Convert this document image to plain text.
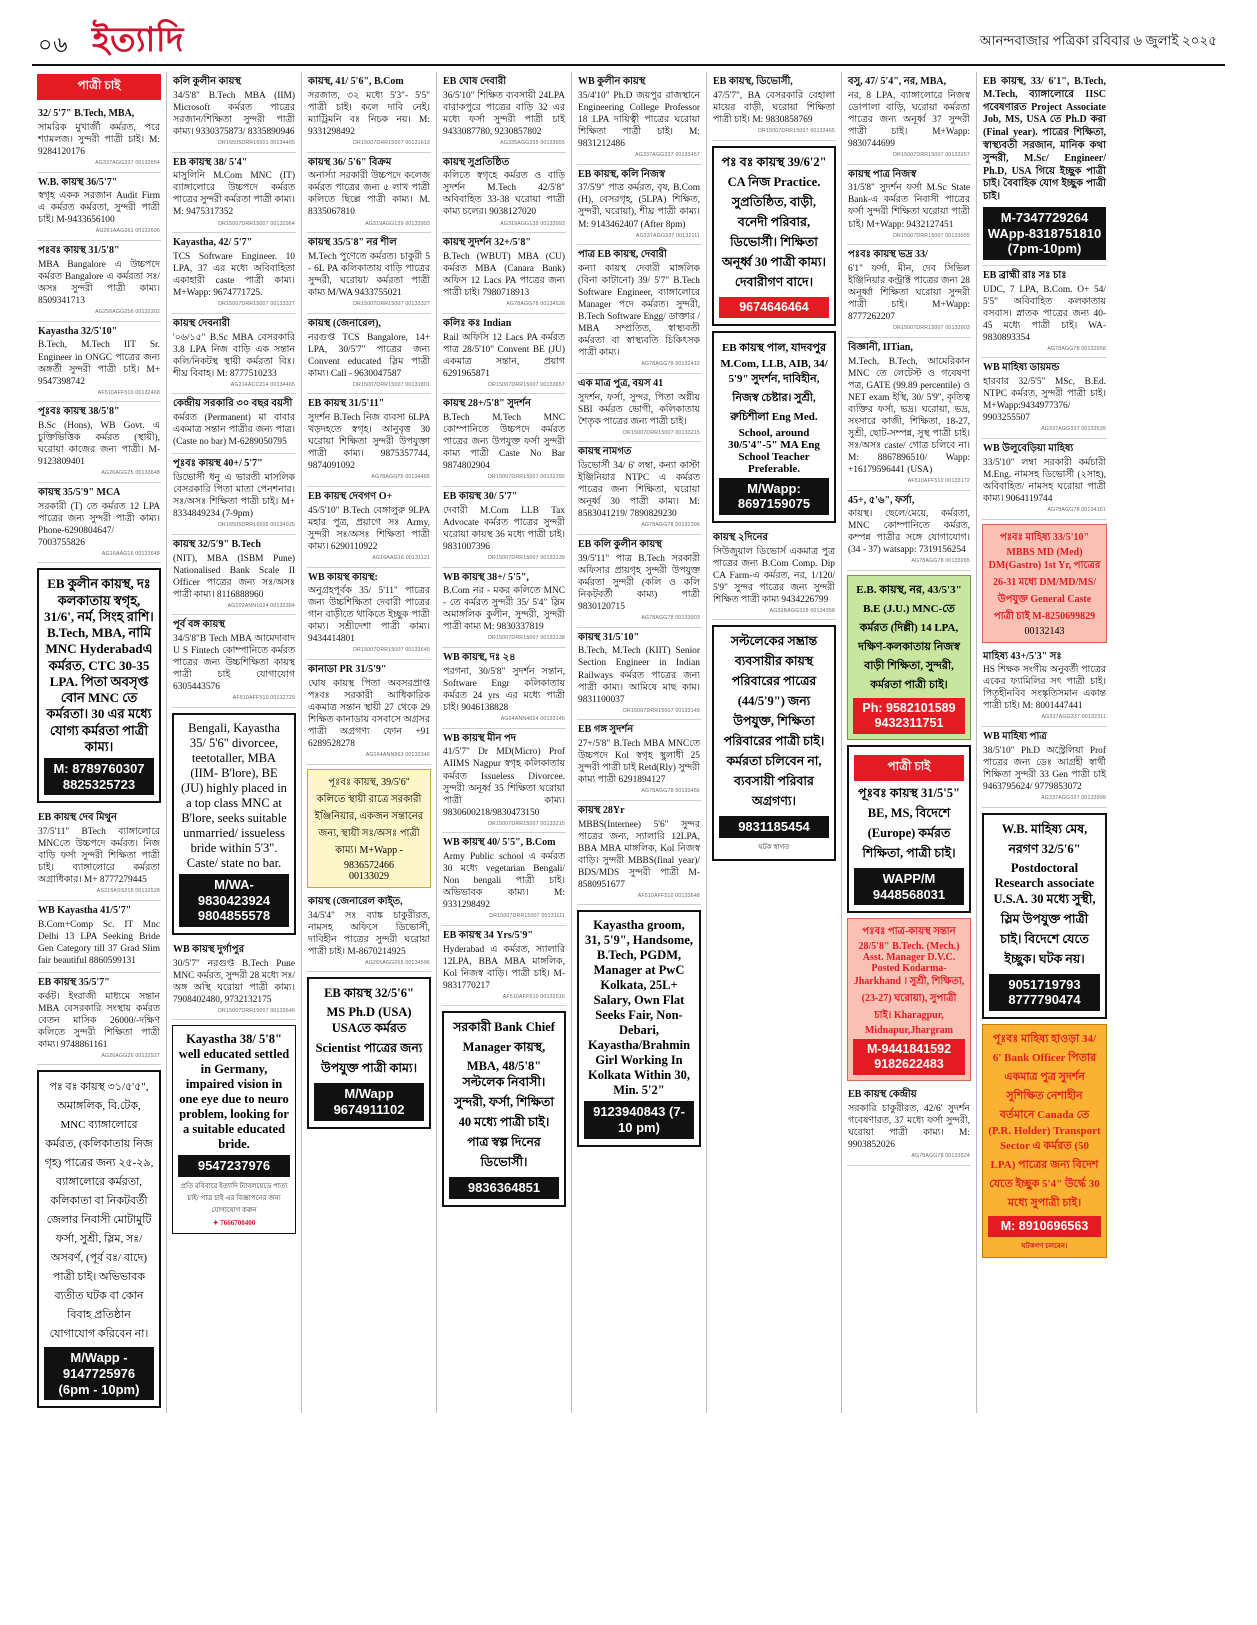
০৬ ইত্যাদি	আনন্দবাজার পত্রিকা রবিবার ৬ জুলাই ২০২৫
পাত্রী চাই
32/ 5'7" B.Tech, MBA,
সামরিক মুখার্জী কর্মরত, পরে শ্যামলজ। সুন্দরী পাত্রী চাই। M: 9284120176
AG337AGG337 00132654
W.B. কায়স্থ 36/5'7"
স্বগৃহ একক সরজান Audit Firm এ কর্মরত কর্মরতা, সুন্দরী পাত্রী চাই। M-9433656100
AG261AAG261 00132696
পঃবঃ কায়স্থ 31/5'8"
MBA Bangalore এ উচ্চপদে কর্মরত Bangalore এ কর্মরতা সঃ/অসঃ সুন্দরী পাত্রী কাম্য। 8509341713
AG256AGG256 00132302
Kayastha 32/5'10"
B.Tech, M.Tech IIT Sr. Engineer in ONGC পাত্রের জন্য অঙ্গর্তী সুন্দরী পাত্রী চাই। M+ 9547398742
AF510AFF510 00132468
পূঃবঃ কায়স্থ 38/5'8"
B.Sc (Hons), WB Govt. এ চুক্তিভিত্তিক কর্মরত (স্থায়ী), ঘরোয়া কাজের জন্য পাত্রী। M- 9123809401
AG26AGG25 00133648
কায়স্থ 35/5'9" MCA
সরকারী (T) তে কর্মরত 12 LPA পাত্রের জন্য সুন্দরী পাত্রী কাম্য। Phone-6290804647/ 7003755826
AG16AAG16 00133648
EB কুলীন কায়স্থ, দঃ কলকাতায় স্বগৃহ, 31/6', নর্ম, সিংহ রাশি। B.Tech, MBA, নামি MNC Hyderabadএ কর্মরত, CTC 30-35 LPA. পিতা অবসৃপ্ত বোন MNC তে কর্মরতা। 30 এর মধ্যে যোগ্য কর্মরতা পাত্রী কাম্য।
M: 8789760307 8825325723
EB কায়স্থ দেব মিথুন
37/5'11" BTech ব্যাঙ্গালোরে MNCতে উচ্চপদে কর্মরত। নিজ বাড়ি ফর্সা সুন্দরী শিক্ষিতা পাত্রী চাই। ব্যাঙ্গালোরে কর্মরতা অগ্রাধিকার। M+ 8777279445
AS215ASS215 00132528
WB Kayastha 41/5'7"
B.Com+Comp Sc. IT Mnc Delhi 13 LPA Seeking Bride Gen Category till 37 Grad Slim fair beautiful 8860599131
EB কায়স্থ 35/5'7"
কর্কট। ইংরাজী মাধ্যমে সন্তান MBA বেসরকারি সংস্থায় কর্মরত বেতন মাসিক 26000/-দক্ষিণ কলিতে সুন্দরী শিক্ষিতা পাত্রী কাম্য। 9748861161
AG26AGG26 00132527
পঃ বঃ কায়স্থ ৩১/৫'৫", অমাঙ্গলিক, বি.টেক, MNC ব্যাঙ্গালোরে কর্মরত, (কলিকাতায় নিজ গৃহ) পাত্রের জন্য ২৫-২৯, ব্যাঙ্গালোরে কর্মরতা, কলিকাতা বা নিকটবর্তী জেলার নিবাসী মোটামুটি ফর্সা, সুশ্রী, স্লিম, সঃ/অসবর্ণ, (পূর্ব বঃ/ বাদে) পাত্রী চাই। অভিভাবক ব্যতীত ঘটক বা কোন বিবাহ প্রতিষ্ঠান যোগাযোগ করিবেন না।
M/Wapp - 9147725976 (6pm - 10pm)
কলি কুলীন কায়স্থ
34/5'8" B.Tech MBA (IIM) Microsoft কর্মরত পাত্রের সরজান/শিক্ষিতা সুন্দরী পাত্রী কাম্য। 9330375873/ 8335890946
DR16505DRR16501 00134465
EB কায়স্থ 38/ 5'4"
মাসুলিনি M.Com MNC (IT) ব্যাঙ্গালোরে উচ্চপদে কর্মরত পাত্রের সুন্দরী কর্মরতা পাত্রী কাম্য। M: 9475317352
DR15007DRR15007 00132964
Kayastha, 42/ 5'7"
TCS Software Engineer. 10 LPA, 37 এর মধ্যে অবিবাহিতা একাহারী caste পাত্রী কাম্য। M+Wapp: 9674771725.
DR15007DRR15007 00133327
কায়স্থ দেবনারী
'০৬/১৫" B.Sc MBA বেসরকারি 3.8 LPA নিজ বাড়ি এক সন্তান কলি/নিকটস্থ স্থায়ী কর্মরতা বিঃ। শীঘ্র বিবাহ। M: 8777510233
AG214ACC214 00134465
কেন্দ্রীয় সরকারি ৩০ বছর বয়সী
কর্মরত (Permanent) মা বাবার একমাত্র সন্তান পাত্রীর জন্য পাত্র। (Caste no bar) M-6289050795
পূঃবঃ কায়স্থ 40+/ 5'7"
ডিভোর্সী ধনু এ ভারতী মাসলিক বেসরকারি পিতা মাতা পেনশনার। সঃ/অসঃ শিক্ষিতা পাত্রী চাই। M+ 8334849234 (7-9pm)
DR16505DRR16505 00134025
কায়স্থ 32/5'9" B.Tech
(NIT), MBA (ISBM Pune) Nationalised Bank Scale II Officer পাত্রের জন্য সঃ/অসঃ পাত্রী কাম্য। 8116888960
AG102ANN1024 00132384
পূর্ব বঙ্গ কায়স্থ
34/5'8"B Tech MBA আমেদাবাদ U S Fintech কোম্পানিতে কর্মরত পাত্রের জন্য উচ্চশিক্ষিতা কায়স্থ পাত্রী চাই যোগাযোগ 6305443576
AF510AFF510 00132729
Bengali, Kayastha 35/ 5'6" divorcee, teetotaller, MBA (IIM- B'lore), BE (JU) highly placed in a top class MNC at B'lore, seeks suitable unmarried/ issueless bride within 5'3". Caste/ state no bar.
M/WA- 9830423924 9804855578
WB কায়স্থ দুর্গাপুর
30/5'7" নরগুপ্ত B.Tech Pune MNC কর্মরত, সুন্দরী 28 মধ্যে সঃ/অঙ্গ অস্থি ঘরোয়া পাত্রী কাম্য। 7908402480, 9732132175
DR15007DRR15007 00133646
Kayastha 38/ 5'8" well educated settled in Germany, impaired vision in one eye due to neuro problem, looking for a suitable educated bride.
9547237976
প্রতি রবিবারে ইত্যাদি ট্যাবলয়েডে পাতা চাই/ পাত্র চাই এর বিজ্ঞাপনের জন্য যোগাযোগ করুন
✦ 7666700400
কায়স্থ, 41/ 5'6", B.Com
সরজাত, ৩২ মধ্যে 5'3"- 5'5" পাত্রী চাই। কলে দাবি নেই। ম্যাট্রিমনি বঃ নিচক নয়। M: 9331298492
DR15007DRR15007 00131613
কায়স্থ 36/ 5'6" বিক্রম
অনার্স্যা সরকারী উচ্চপদে কলেজ কর্মরত পাত্রের জন্য ৫ লাখ পাত্রী কলিতে ছিল্লে পাত্রী কাম্য। M. 8335067810
AG319AGG139 00133993
কায়স্থ 35/5'8" নর শীল
M.Tech পুণেতে কর্মরত। চাকুরী 5 - 6L PA কলিকাতায় বাড়ি পাত্রের সুন্দরী, ঘরোয়া/ কর্মরতা পাত্রী কাম্য M/WA 9433755021
DR15007DRR15007 00133327
কায়স্থ (জেনারেল),
নরগুপ্ত TCS Bangalore, 14+ LPA, 30/5'7" পাত্রের জন্য Convent educated স্লিম পাত্রী কাম্য। Call - 9630047587
DR15007DRR15007 00131801
EB কায়স্থ 31/5'11"
সুদর্শন B.Tech নিজ ব্যবসা 6LPA খড়দহতে স্বগৃহ। আনুবৃত্ত 30 ঘরোয়া শিক্ষিতা সুন্দরী উপযুক্তা পাত্রী কাম্য। 9875357744, 9874091092
AG78AGG75 00134465
EB কায়স্থ দেবগণ O+
45/5'10" B.Tech বেঙ্গালুরু 9LPA মহার পুত্র, প্রয়াগে সঃ Army, সুন্দরী সঃ/অসঃ শিক্ষিতা পাত্রী কাম্য। 6290110922
AG16AAG16 00131121
WB কায়স্থ কায়স্থ:
অনুগ্রহপূর্বক 35/ 5'11" পাত্রের জন্য উচ্চশিক্ষিতা দেবারী পাত্রের গান বাড়ীতে থাকিতে ইচ্ছুক পাত্রী কাম্য। সশ্রীদেশা পাত্রী কাম্য। 9434414801
DR15007DRR15007 00133645
কানাডা PR 31/5'9"
ঘোষ কায়স্থ পিতা অবসরপ্রাপ্ত পঃবঃ সরকারী আধিকারিক একমাত্র সন্তান স্থায়ী 27 থেকে 29 শিক্ষিত কানাডায় বসবাসে অগ্রসর পাত্রী অগ্রগণ্য ফোন +91 6289528278
AG164ANN963 00132346
পূঃবঃ কায়স্থ, 39/5'6" কলিতে স্থায়ী রাত্রে সরকারী ইঞ্জিনিয়ার, একজন সন্তানের জন্য, স্থায়ী সঃ/অসঃ পাত্রী কাম্য। M+Wapp - 9836572466
00133029
কায়স্থ (জেনারেল কাই্ত,
34/5'4" সঃ ব্যাঙ্ক চাকুরীরত, নামসহ অফিসে ডিভোর্সী, দাবিহীন পাত্রের সুন্দরী ঘরোয়া পাত্রী চাই। M-8670214925
AG265AGG265 00134596
EB কায়স্থ 32/5'6" MS Ph.D (USA) USAতে কর্মরত Scientist পাত্রের জন্য উপযুক্ত পাত্রী কাম্য।
M/Wapp 9674911102
EB ঘোষ দেবারী
36/5'10" শিক্ষিত ব্যবসায়ী 24LPA বারাকপুরে পাত্রের বাড়ি 32 এর মধ্যে ফর্সা সুন্দরী পাত্রী চাই 9433087780, 9230857802
AG335AGG335 00133655
কায়স্থ সুপ্রতিষ্ঠিত
কলিতে স্বগৃহে কর্মরত ও বাড়ি সুদর্শন M.Tech 42/5'8" অবিবাহিত 33-38 ঘরোয়া পাত্রী কাম্য চলের। 9038127020
AG319AGG139 00133993
কায়স্থ সুদর্শন 32+/5'8"
B.Tech (WBUT) MBA (CU) কর্মরত MBA (Canara Bank) অফিস 12 Lacs PA পাত্রের জন্য পাত্রী চাই। 7980718913
AG78AGG78 00134526
কলিঃ কঃ Indian
Rail অফিসি 12 Lacs PA কর্মরত পাত্র 28/5'10" Convent BE (JU) একমাত্র সন্তান, প্রয়াগ 6291965871
DR15007DRR15007 00133657
কায়স্থ 28+/5'8" সুদর্শন
B.Tech M.Tech MNC কোম্পানিতে উচ্চপদে কর্মরত পাত্রের জন্য উপযুক্ত ফর্সা সুন্দরী কাম্য পাত্রী Caste No Bar 9874802904
DR15007DRR15007 00132392
EB কায়স্থ 30/ 5'7"
দেবারী M.Com LLB Tax Advocate কর্মরত পাত্রের সুন্দরী ঘরোয়া কায়স্থ 36 মধ্যে পাত্রী চাই। 9831007396
DR15007DRR15007 00133139
WB কায়স্থ 38+/ 5'5",
B.Com নর - মকর কলিতে MNC - তে কর্মরত সুন্দরী 35/ 5'4" স্লিম অমাঙ্গলিক কুলীন, সুন্দরী, সুন্দরী পাত্রী কাম্য M: 9830337819
DR15007DRR15007 00133138
WB কায়স্থ, দঃ ২৪
পরগনা, 30/5'8" সুদর্শন সন্তান, Software Engr কলিকাতায় কর্মরত 24 yrs এর মধ্যে পাত্রী চাই। 9046138828
AG04ANN4024 00133145
WB কায়স্থ মীন পদ
41/5'7" Dr MD(Micro) Prof AIIMS Nagpur স্বগৃহ কলিকাতায় কর্মরত Issueless Divorcee. সুন্দরী অনূর্ধ্ব 35 শিক্ষিতা ঘরোয়া পাত্রী কাম্য। 9830600218/9830473150
DR15007DRR15007 00133215
WB কায়স্থ 40/ 5'5", B.Com
Army Public school এ কর্মরত 30 মধ্যে vegetarian Bengali/ Non bengali পাত্রী চাই। অভিভাবক কাম্য। M: 9331298492
DR15007DRR15007 00131111
EB কায়স্থ 34 Yrs/5'9"
Hyderabad এ কর্মরত, স্যালারি 12LPA, BBA MBA মাঙ্গলিক, Kol নিজস্ব বাড়ি। পাত্রী চাই। M- 9831770217
AF510AFF510 00132516
সরকারী Bank Chief Manager কায়স্থ, MBA, 48/5'8" সল্টলেক নিবাসী। সুন্দরী, ফর্সা, শিক্ষিতা 40 মধ্যে পাত্রী চাই। পাত্র স্বল্প দিনের ডিভোর্সী।
9836364851
WB কুলীন কায়স্থ
35/4'10" Ph.D জয়পুর রাজস্থানে Engineering College Professor 18 LPA দায়িত্বী পাত্রের ঘরোয়া শিক্ষিতা পাত্রী চাই। M: 9831212486
AG337AGG337 00133457
EB কায়স্থ, কলি নিজস্ব
37/5'9" পাত্র কর্মরত, বৃষ, B.Com (H), বেসরগৃহ, (5LPA) শিক্ষিত, সুন্দরী, ঘরোয়া), শীঘ্র পাত্রী কাম্য। M: 9143462407 (After 8pm)
AG337AGG337 00132111
পাত্র EB কায়স্থ, দেবারী
কন্যা কায়স্থ দেবারী মাঙ্গলিক (বিনা কাটানো) 39/ 5'7" B.Tech Software Engineer, ব্যাঙ্গালোরে Manager পদে কর্মরত। সুন্দরী, B.Tech Software Engg/ ডাক্তার / MBA সম্প্রতিত, স্বাস্থ্যবতী কর্মরতা বা স্বাস্থ্যবতি চিকিৎসক পাত্রী কাম্য।
AG78AGG78 00132412
এক মাত্র পুত্র, বয়স 41
সুদর্শন, ফর্সা, সুন্দর, পিতা অগ্নীয় SBI কর্মরত ভোগী, কলিকাতায় শৈতৃক পাত্রের জন্য পাত্রী চাই।
DR15007DRR15007 00133215
কায়স্থ নামগত
ডিভোর্সী 34/ 6' লম্বা, কন্যা কাস্টা ইঞ্জিনিয়ার NTPC এ কর্মরত পাত্রের জন্য শিক্ষিতা, ঘরোয়া অনূর্ধ্ব 30 পাত্রী কাম্য। M: 8583041219/ 7890829230
AG78AGG78 00132396
EB কলি কুলীন কায়স্থ
39/5'11" পাত্র B.Tech সরকারী অফিসার প্রায়গৃহ সুন্দরী উপযুক্ত কর্মরতা সুন্দরী (কলি ও কলি নিকটবর্তী কাম্য) পাত্রী 9830120715
AG78AGG78 00133903
কায়স্থ 31/5'10"
B.Tech, M.Tech (KIIT) Senior Section Engineer in Indian Railways কর্মরত পাত্রের জন্য পাত্রী কাম্য। আমিষে মাছ কাম। 9831100037
DR15007DRR15007 00133149
EB গঙ্গ সুদর্শন
27+/5'8" B.Tech MBA MNCতে উচ্চপদে Kol স্বগৃহ স্থুলাধী 25 সুন্দরী পাত্রী চাই Retd(Rly) সুন্দরী কাম্য পাত্রী 6291894127
AG78AGG78 00133456
কায়স্থ 28Yr
MBBS(Internee) 5'6" সুন্দর পাত্রের জন্য, স্যালারি 12LPA, BBA MBA মাঙ্গলিক, Kol নিজস্ব বাড়ি। সুন্দরী MBBS(final year)/ BDS/MDS সুন্দরী পাত্রী M-8580951677
AF510AFF510 00133648
Kayastha groom, 31, 5'9", Handsome, B.Tech, PGDM, Manager at PwC Kolkata, 25L+ Salary, Own Flat Seeks Fair, Non-Debari, Kayastha/Brahmin Girl Working In Kolkata Within 30, Min. 5'2"
9123940843 (7-10 pm)
EB কায়স্থ, ডিভোর্সী,
47/5'7", BA বেসরকারি বেহালা মায়ের বাড়ী, ঘরোয়া শিক্ষিতা পাত্রী চাই। M: 9830858769
DR15007DRR15007 00133465
পঃ বঃ কায়স্থ 39/6'2" CA নিজ Practice. সুপ্রতিষ্ঠিত, বাড়ী, বনেদী পরিবার, ডিভোর্সী। শিক্ষিতা অনূর্ধ্ব 30 পাত্রী কাম্য। দেবারীগণ বাদে।
9674646464
EB কায়স্থ পাল, যাদবপুর M.Com, LLB, AIB, 34/ 5'9" সুদর্শন, দাবিহীন, নিজস্ব চেষ্টার। সুশ্রী, রুচিশীলা Eng Med. School, around 30/5'4"-5" MA Eng School Teacher Preferable.
M/Wapp: 8697159075
কায়স্থ ২দিনের
সিউজুয়াল ডিভোর্স একমাত্র পুত্র পাত্রের জন্য B.Com Comp. Dip CA Farm-এ কর্মরত, নর, 1/120/ 5'9" সুন্দর পাত্রের জন্য সুন্দরী শিক্ষিত পাত্রী কাম্য 9434226799
AG32BAGG328 00134358
সল্টলেকের সম্ভ্রান্ত ব্যবসায়ীর কায়স্থ পরিবারের পাত্রের (44/5'9") জন্য উপযুক্ত, শিক্ষিতা পরিবারের পাত্রী চাই। কর্মরতা চলিবেন না, ব্যবসায়ী পরিবার অগ্রগণ্য।
9831185454
ঘটক স্বাগত
বসু, 47/ 5'4", নর, MBA,
নর, 8 LPA, ব্যাঙ্গালোরে নিজস্ব ডোপালা বাড়ি, ঘরোয়া কর্মরতা পাত্রের জন্য অনূর্ধ্ব 37 সুন্দরী পাত্রী চাই। M+Wapp: 9830744699
DR15007DRR15007 00133257
কায়স্থ পাত্র নিজস্ব
31/5'8" সুদর্শন ফর্সা M.Sc State Bank-এ কর্মরত নিবাসী পাত্রের ফর্সা সুন্দরী শিক্ষিতা ঘরোয়া পাত্রী চাই। M+Wapp: 9432127451
DR15007DRR15007 00133655
পঃবঃ কায়স্থ ভদ্র 33/
6'1" ফর্সা, মীন, দেব সিভিল ইঞ্জিনিয়ার কন্ট্রাক্ট পাত্রের জন্য 28 অনূর্ধ্বা শিক্ষিতা ঘরোয়া সুন্দরী পাত্রী চাই। M+Wapp: 8777262207
DR15007DRR15007 00133903
বিজ্ঞানী, IITian,
M.Tech, B.Tech, আমেরিকান MNC তে লেটেস্ট ও গবেষণা পত্র, GATE (99.89 percentile) ও NET exam ইস্থি, 30/ 5'9", কৃতিত্ব ব্যক্তির ফর্সা, ভদ্র। ঘরোয়া, ভদ্র, সংসারে কাজী, শিক্ষিতা, 18-27, সুশ্রী, ছোট-সম্পন্ন, সুস্থ পাত্রী চাই। সঃ/অসঃ caste/ গোত্র চলিবে না। M: 8867896510/ Wapp: +16179596441 (USA)
AF510AFF510 00133172
45+, ৫'৬", ফর্সা,
কায়স্থ। ছেলে/মেয়ে, কর্মরতা, MNC কোম্পানিতে কর্মরত, কম্পন্ন পাত্রীর সঙ্গে যোগাযোগ। (34 - 37) watsapp: 7319156254
AG78AGG78 00133265
E.B. কায়স্থ, নর, 43/5'3" B.E (J.U.) MNC-তে কর্মরত (দিল্লী) 14 LPA, দক্ষিণ-কলকাতায় নিজস্ব বাড়ী শিক্ষিতা, সুন্দরী, কর্মরতা পাত্রী চাই।
Ph: 9582101589 9432311751
পাত্রী চাই
পূঃবঃ কায়স্থ 31/5'5" BE, MS, বিদেশে (Europe) কর্মরত শিক্ষিতা, পাত্রী চাই।
WAPP/M 9448568031
পঃবঃ পাত্র-কায়স্থ সন্তান 28/5'8" B.Tech. (Mech.) Asst. Manager D.V.C. Posted Kodarma-Jharkhand । সুশ্রী, শিক্ষিতা, (23-27) ঘরোয়া), সুপাত্রী চাই। Kharagpur, Midnapur,Jhargram
M-9441841592 9182622483
EB কায়স্থ কেন্দ্রীয়
সরকারি চাকুরীরত, 42/6' সুদর্শন গবেষণারত, 37 মধ্যে ফর্সা সুন্দরী, ঘরোয়া পাত্রী কাম্য। M: 9903852026
AG78AGG78 00133524
EB কায়স্থ, 33/ 6'1", B.Tech, M.Tech, ব্যাঙ্গালোরে IISC গবেষণারত Project Associate Job, MS, USA তে Ph.D করা (Final year). পাত্রের শিক্ষিতা, স্বাস্থ্যবতী সরজান, মানিক কথা সুন্দরী, M.Sc/ Engineer/ Ph.D, USA গিয়ে ইচ্ছুক পাত্রী চাই। বৈবাহিক যোগ ইচ্ছুক পাত্রী চাই।
M-7347729264 WApp-8318751810 (7pm-10pm)
EB ব্রাহ্মী রাঃ সঃ চাঃ
UDC, 7 LPA, B.Com. O+ 54/ 5'5" অবিবাহিত কলকাতায় বসবাস। স্নাতক পাত্রের জন্য 40-45 মধ্যে পাত্রী চাই। WA-9830893354
AG78AGG78 00132658
WB মাহিষ্য ডায়মন্ড
হারবার 32/5'5" MSc, B.Ed. NTPC কর্মরত, সুন্দরী পাত্রী চাই। M+Wapp:9434977376/ 9903255507
AG337AGG337 00133539
WB উলুবেড়িয়া মাহিষ্য
33/5'10" লম্বা সরকারী কর্মচারী M.Eng. নামসহ ডিভোর্সী (২সাহ), অবিবাহিত/ নামসহ ঘরোয়া পাত্রী কাম্য। 9064119744
AG78AGG78 00134151
পঃবঃ মাহিষ্য 33/5'10" MBBS MD (Med) DM(Gastro) 1st Yr, পাত্রের 26-31 মধ্যে DM/MD/MS/ উপযুক্ত General Caste পাত্রী চাই M-8250699829
00132143
মাহিষ্য 43+/5'3" সঃ
HS শিক্ষক সংগীয় অনুবর্তী পাত্রের একের ফ্যামিলির সৎ পাত্রী চাই। পিতৃহীনবিব সংস্কৃতিসমান একান্ত পাত্রী চাই। M: 8001447441
AG337AGG337 00132311
WB মাহিষ্য পাত্র
38/5'10" Ph.D অস্ট্রেলিয়া Prof পাত্রের জন্য ডেঃ আগ্রহী স্বার্থী শিক্ষিতা সুন্দরী 33 Gen পাত্রী চাই 9463795624/ 9779853072
AG337AGG337 00133999
W.B. মাহিষ্য মেষ, নরগণ 32/5'6" Postdoctoral Research associate U.S.A. 30 মধ্যে সুস্থী, স্লিম উপযুক্ত পাত্রী চাই। বিদেশে যেতে ইচ্ছুক। ঘটক নয়।
9051719793 8777790474
পূঃবঃ মাহিষ্য হাওড়া 34/ 6' Bank Officer পিতার একমাত্র পুত্র সুদর্শন সুশিক্ষিত নেশাহীন বর্তমানে Canada তে (P.R. Holder) Transport Sector এ কর্মরত (50 LPA) পাত্রের জন্য বিদেশ যেতে ইচ্ছুক 5'4" উর্দ্ধে 30 মধ্যে সুপাত্রী চাই।
M: 8910696563
ঘটকগণ চলবেন।
